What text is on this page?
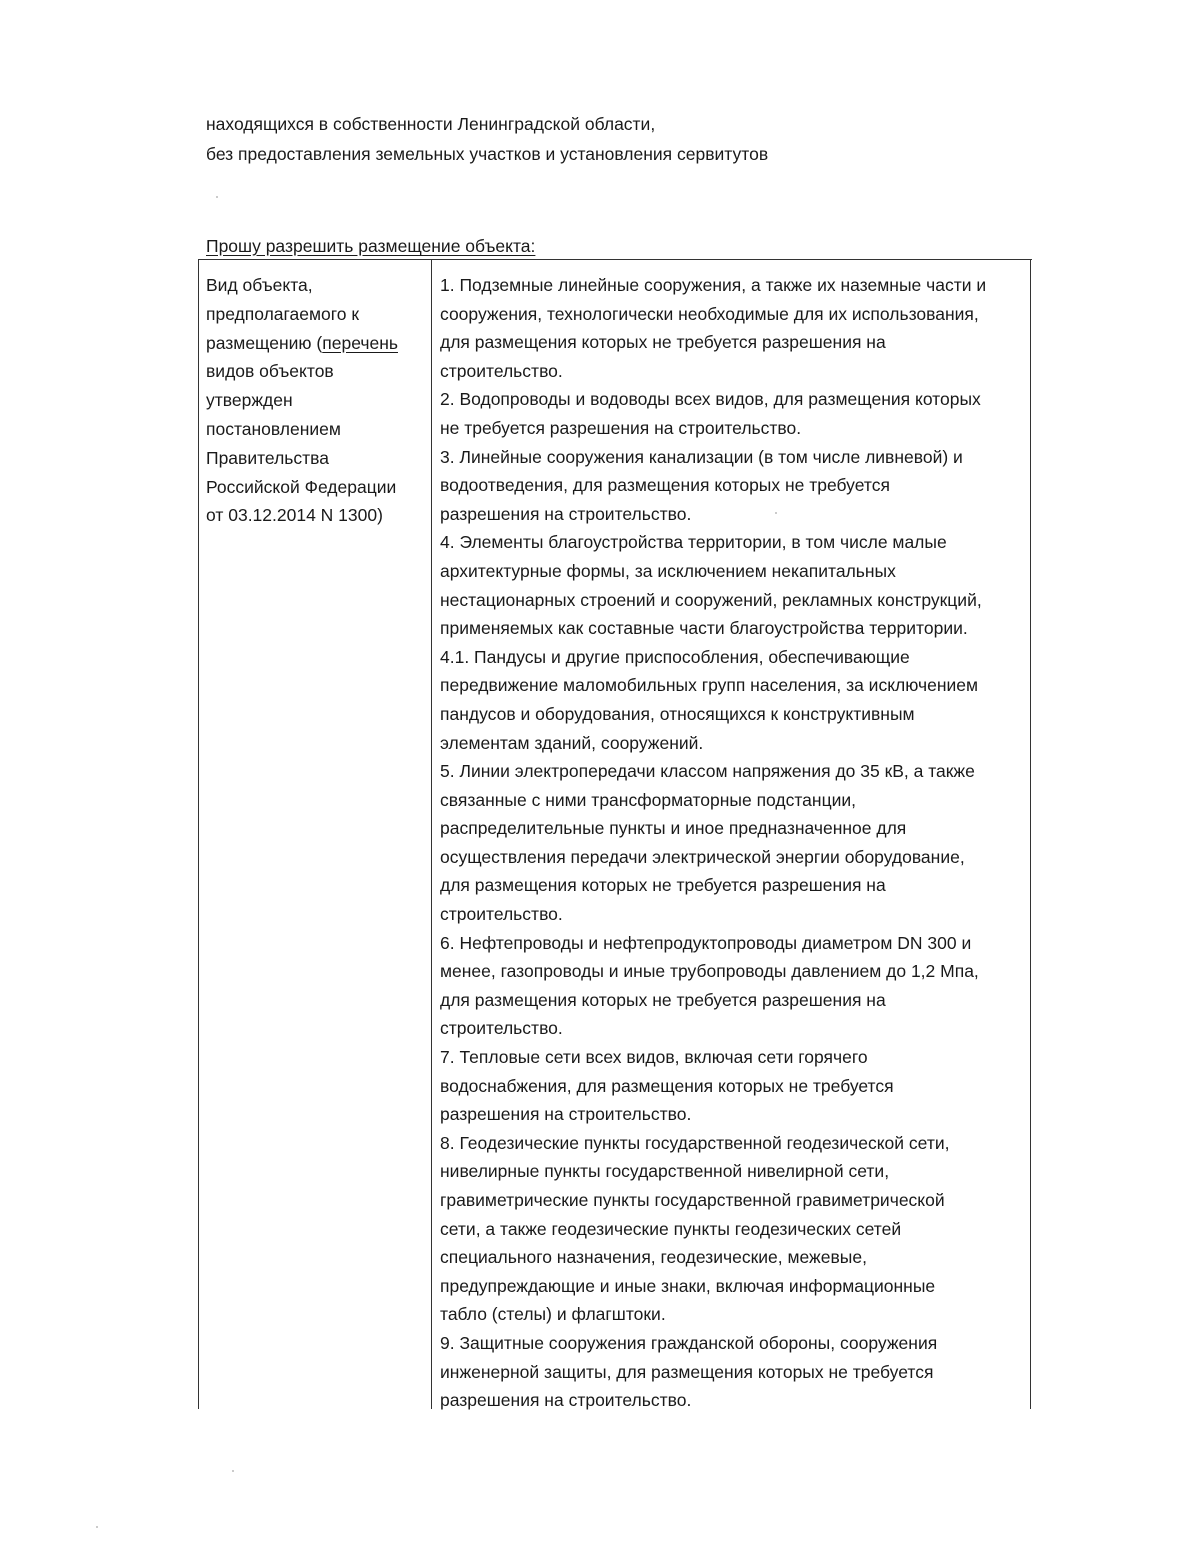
находящихся в собственности Ленинградской области,
без предоставления земельных участков и установления сервитутов
Прошу разрешить размещение объекта:
Вид объекта,
предполагаемого к
размещению (перечень
видов объектов
утвержден
постановлением
Правительства
Российской Федерации
от 03.12.2014 N 1300)
1. Подземные линейные сооружения, а также их наземные части и
сооружения, технологически необходимые для их использования,
для размещения которых не требуется разрешения на
строительство.
2. Водопроводы и водоводы всех видов, для размещения которых
не требуется разрешения на строительство.
3. Линейные сооружения канализации (в том числе ливневой) и
водоотведения, для размещения которых не требуется
разрешения на строительство.
4. Элементы благоустройства территории, в том числе малые
архитектурные формы, за исключением некапитальных
нестационарных строений и сооружений, рекламных конструкций,
применяемых как составные части благоустройства территории.
4.1. Пандусы и другие приспособления, обеспечивающие
передвижение маломобильных групп населения, за исключением
пандусов и оборудования, относящихся к конструктивным
элементам зданий, сооружений.
5. Линии электропередачи классом напряжения до 35 кВ, а также
связанные с ними трансформаторные подстанции,
распределительные пункты и иное предназначенное для
осуществления передачи электрической энергии оборудование,
для размещения которых не требуется разрешения на
строительство.
6. Нефтепроводы и нефтепродуктопроводы диаметром DN 300 и
менее, газопроводы и иные трубопроводы давлением до 1,2 Мпа,
для размещения которых не требуется разрешения на
строительство.
7. Тепловые сети всех видов, включая сети горячего
водоснабжения, для размещения которых не требуется
разрешения на строительство.
8. Геодезические пункты государственной геодезической сети,
нивелирные пункты государственной нивелирной сети,
гравиметрические пункты государственной гравиметрической
сети, а также геодезические пункты геодезических сетей
специального назначения, геодезические, межевые,
предупреждающие и иные знаки, включая информационные
табло (стелы) и флагштоки.
9. Защитные сооружения гражданской обороны, сооружения
инженерной защиты, для размещения которых не требуется
разрешения на строительство.
